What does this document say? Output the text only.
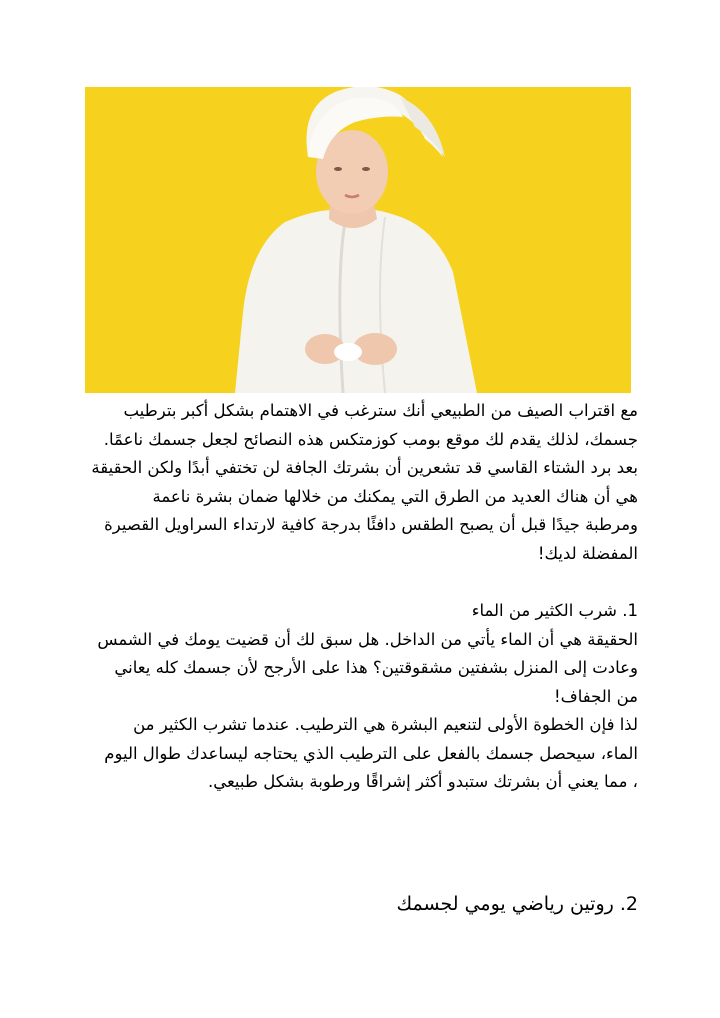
مع اقتراب الصيف من الطبيعي أنك سترغب في الاهتمام بشكل أكبر بترطيب
جسمك، لذلك يقدم لك موقع بومب كوزمتكس هذه النصائح لجعل جسمك ناعمًا.
بعد برد الشتاء القاسي قد تشعرين أن بشرتك الجافة لن تختفي أبدًا ولكن الحقيقة
هي أن هناك العديد من الطرق التي يمكنك من خلالها ضمان بشرة ناعمة
ومرطبة جيدًا قبل أن يصبح الطقس دافئًا بدرجة كافية لارتداء السراويل القصيرة
المفضلة لديك!
1. شرب الكثير من الماء
الحقيقة هي أن الماء يأتي من الداخل. هل سبق لك أن قضيت يومك في الشمس
وعادت إلى المنزل بشفتين مشقوقتين؟ هذا على الأرجح لأن جسمك كله يعاني
من الجفاف!
لذا فإن الخطوة الأولى لتنعيم البشرة هي الترطيب. عندما تشرب الكثير من
الماء، سيحصل جسمك بالفعل على الترطيب الذي يحتاجه ليساعدك طوال اليوم
، مما يعني أن بشرتك ستبدو أكثر إشراقًا ورطوبة بشكل طبيعي.
2. روتين رياضي يومي لجسمك
